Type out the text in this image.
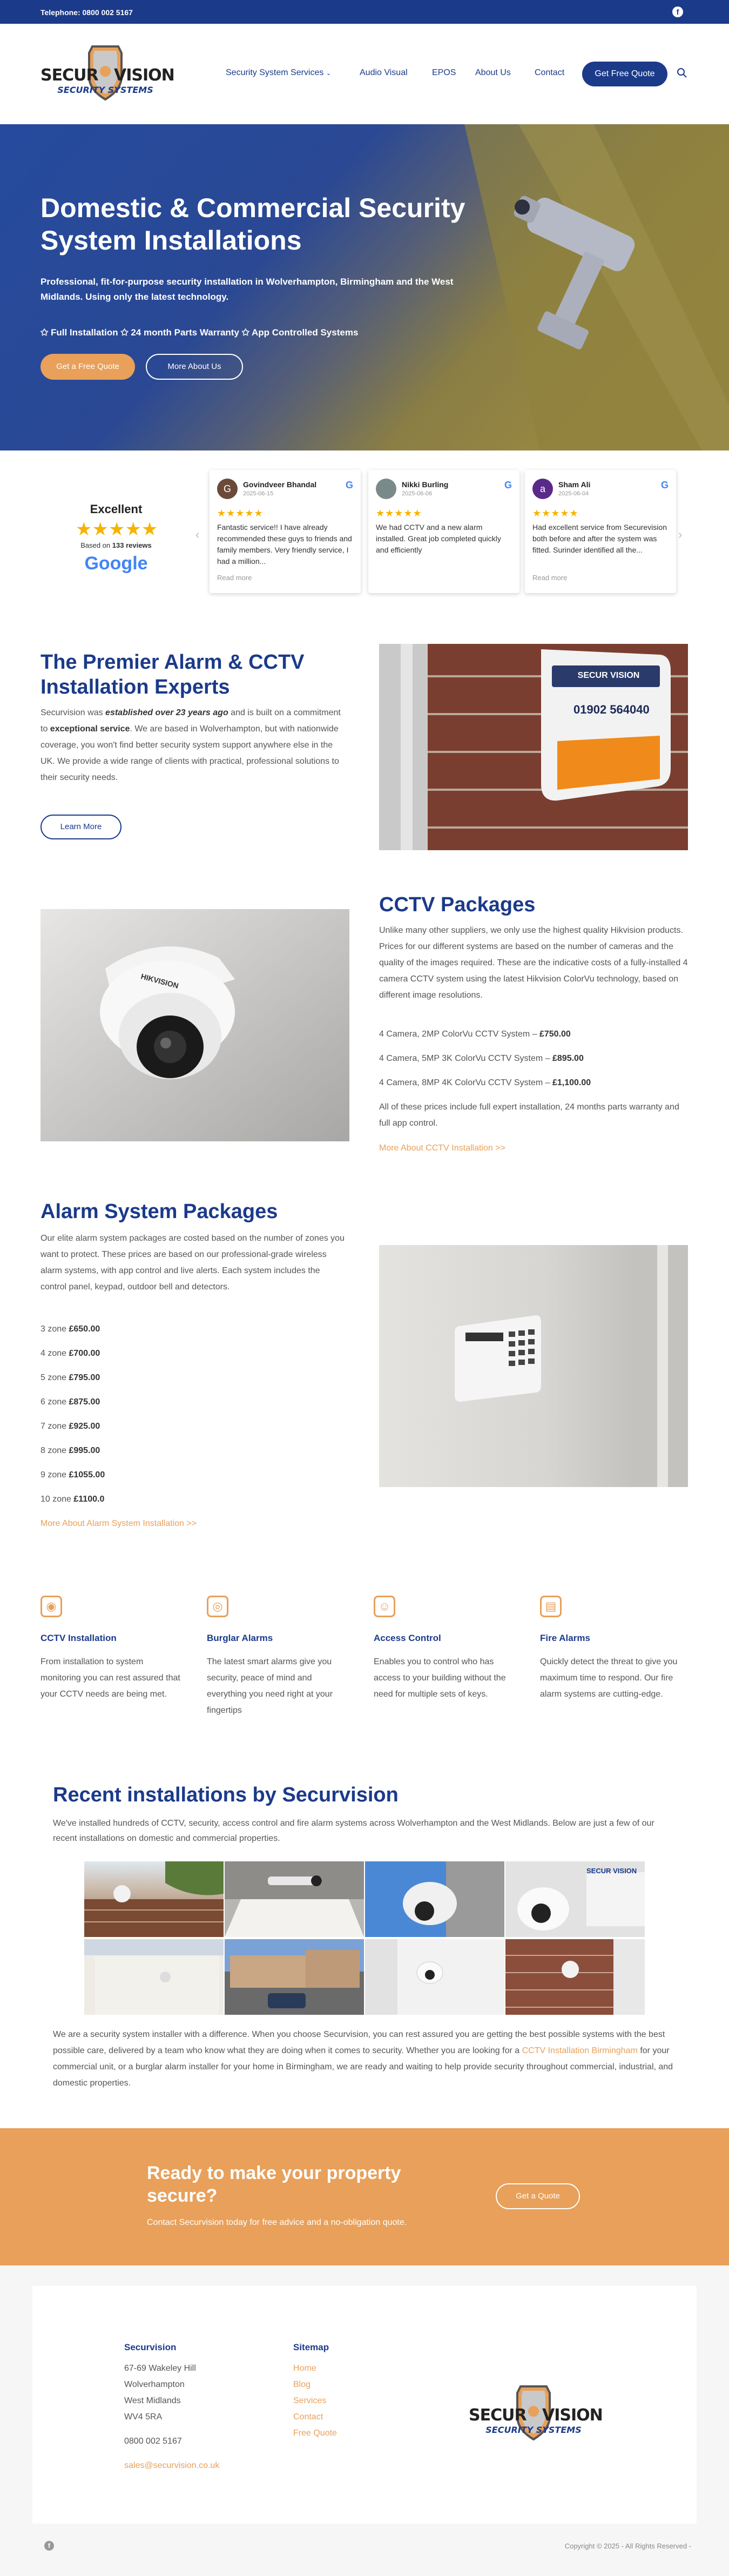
Telephone: 0800 002 5167	f
SECUR VISION
SECURITY SYSTEMS
Security System Services ⌄	Audio Visual	EPOS About Us	Contact	Get Free Quote
Domestic & Commercial Security System Installations
Professional, fit-for-purpose security installation in Wolverhampton, Birmingham and the West Midlands. Using only the latest technology.
✩ Full Installation ✩ 24 month Parts Warranty ✩ App Controlled Systems
Get a Free Quote	More About Us
Excellent
★★★★★
Based on 133 reviews
Google
‹	›
G	Govindveer Bhandal
2025-06-15
G
★★★★★
Fantastic service!! I have already recommended these guys to friends and family members. Very friendly service, I had a million...
Read more
Nikki Burling
2025-06-06
G
★★★★★
We had CCTV and a new alarm installed. Great job completed quickly and efficiently
a	Sham Ali
2025-06-04
G
★★★★★
Had excellent service from Securevision both before and after the system was fitted. Surinder identified all the...
Read more
The Premier Alarm & CCTV Installation Experts
Securvision was established over 23 years ago and is built on a commitment to exceptional service. We are based in Wolverhampton, but with nationwide coverage, you won't find better security system support anywhere else in the UK. We provide a wide range of clients with practical, professional solutions to their security needs.
Learn More
SECUR VISION
01902 564040
HIKVISION
CCTV Packages
Unlike many other suppliers, we only use the highest quality Hikvision products. Prices for our different systems are based on the number of cameras and the quality of the images required. These are the indicative costs of a fully-installed 4 camera CCTV system using the latest Hikvision ColorVu technology, based on different image resolutions.
4 Camera, 2MP ColorVu CCTV System – £750.00
4 Camera, 5MP 3K ColorVu CCTV System – £895.00
4 Camera, 8MP 4K ColorVu CCTV System – £1,100.00
All of these prices include full expert installation, 24 months parts warranty and full app control.
More About CCTV Installation >>
Alarm System Packages
Our elite alarm system packages are costed based on the number of zones you want to protect. These prices are based on our professional-grade wireless alarm systems, with app control and live alerts. Each system includes the control panel, keypad, outdoor bell and detectors.
3 zone £650.00
4 zone £700.00
5 zone £795.00
6 zone £875.00
7 zone £925.00
8 zone £995.00
9 zone £1055.00
10 zone £1100.0
More About Alarm System Installation >>
◉
CCTV Installation

From installation to system monitoring you can rest assured that your CCTV needs are being met.

◎
Burglar Alarms

The latest smart alarms give you security, peace of mind and everything you need right at your fingertips

☺
Access Control

Enables you to control who has access to your building without the need for multiple sets of keys.

▤
Fire Alarms

Quickly detect the threat to give you maximum time to respond. Our fire alarm systems are cutting-edge.

Recent installations by Securvision
We've installed hundreds of CCTV, security, access control and fire alarm systems across Wolverhampton and the West Midlands. Below are just a few of our recent installations on domestic and commercial properties.
SECUR VISION
We are a security system installer with a difference. When you choose Securvision, you can rest assured you are getting the best possible systems with the best possible care, delivered by a team who know what they are doing when it comes to security. Whether you are looking for a CCTV Installation Birmingham for your commercial unit, or a burglar alarm installer for your home in Birmingham, we are ready and waiting to help provide security throughout commercial, industrial, and domestic properties.
Ready to make your property secure?
Contact Securvision today for free advice and a no-obligation quote.
Get a Quote
Securvision
67-69 Wakeley Hill
Wolverhampton
West Midlands
WV4 5RA
0800 002 5167
sales@securvision.co.uk
Sitemap
Home
Blog
Services
Contact
Free Quote
SECUR VISION
SECURITY SYSTEMS
f	Copyright © 2025 - All Rights Reserved -
